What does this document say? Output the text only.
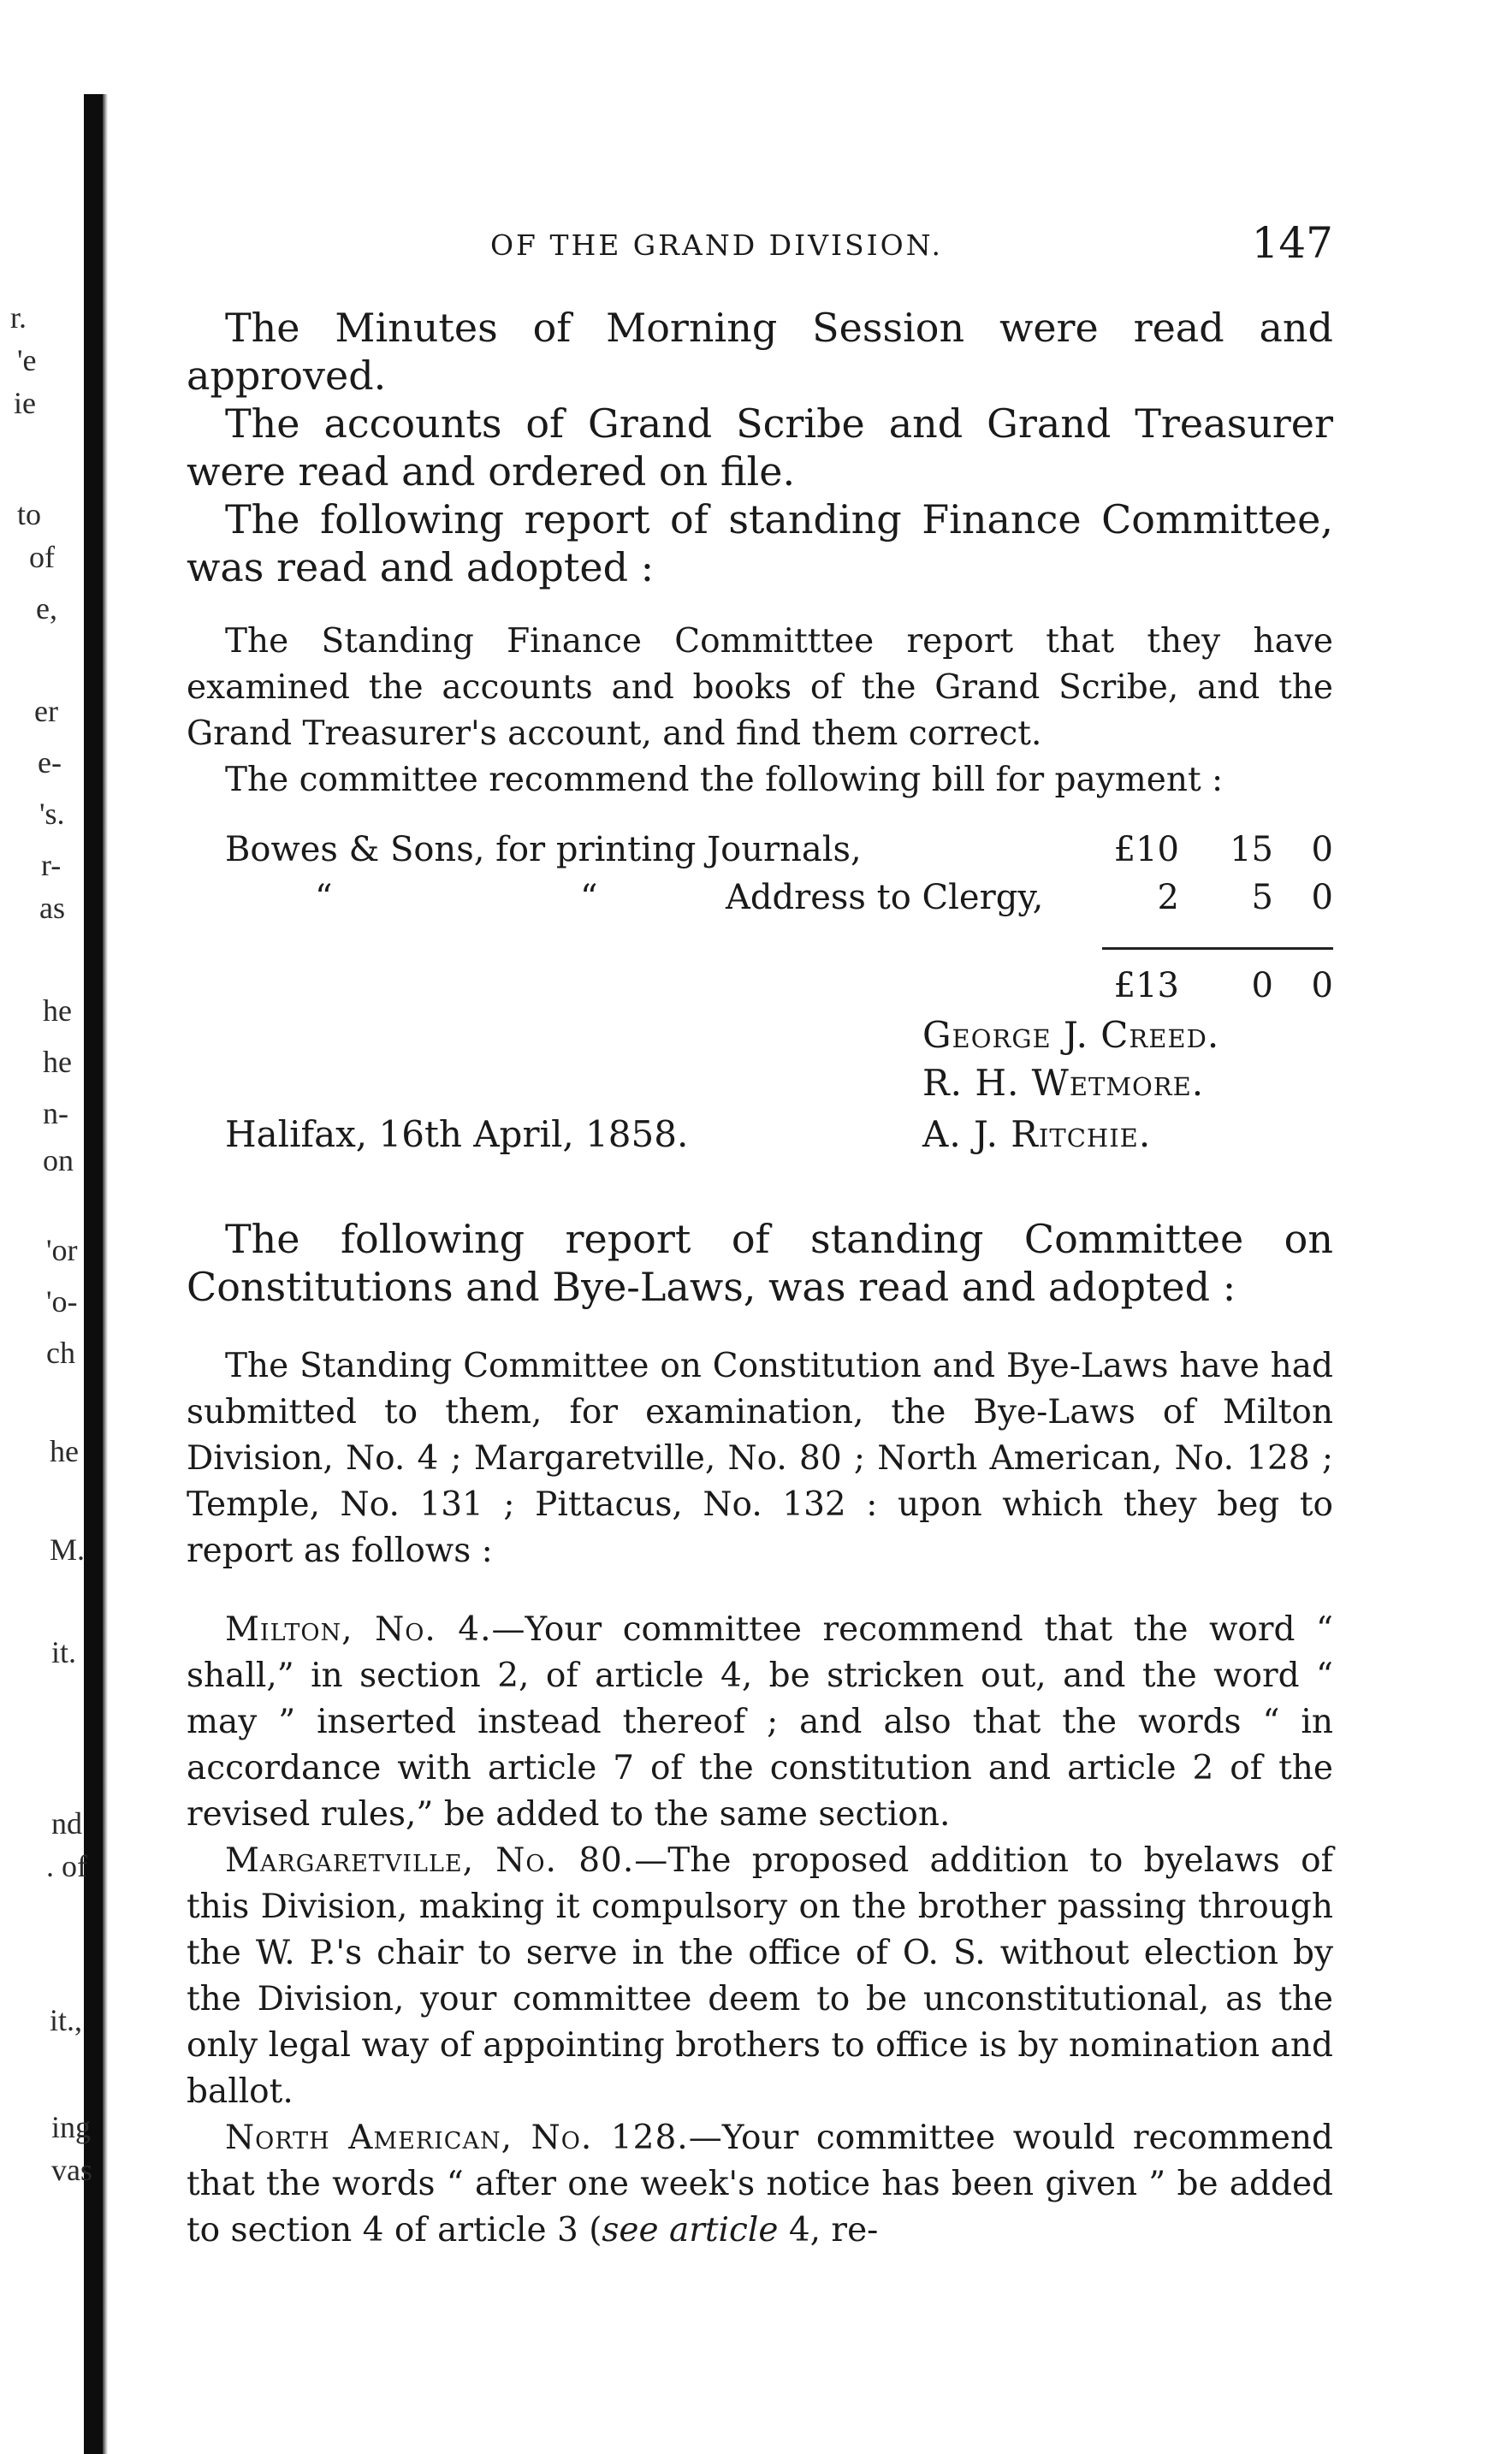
r.
'e
ie
to
of
e,
er
e-
's.
r-
as
he
he
n-
on
'or
'o-
ch
he
M.
it.
nd
. of
it.,
ing
vas
OF THE GRAND DIVISION.	147

The Minutes of Morning Session were read and approved.

The accounts of Grand Scribe and Grand Treasurer were read and ordered on file.

The following report of standing Finance Committee, was read and adopted :

The Standing Finance Committtee report that they have examined the accounts and books of the Grand Scribe, and the Grand Treasurer's account, and find them correct.

The committee recommend the following bill for payment :

Bowes & Sons, for printing Journals,	£10 15 0
“	“	Address to Clergy,	2 5 0
£13 0 0
George J. Creed.
R. H. Wetmore.
Halifax, 16th April, 1858.	A. J. Ritchie.

The following report of standing Committee on Constitutions and Bye-Laws, was read and adopted :

The Standing Committee on Constitution and Bye-Laws have had submitted to them, for examination, the Bye-Laws of Milton Division, No. 4 ; Margaretville, No. 80 ; North American, No. 128 ; Temple, No. 131 ; Pittacus, No. 132 : upon which they beg to report as follows :

Milton, No. 4.—Your committee recommend that the word “ shall,” in section 2, of article 4, be stricken out, and the word “ may ” inserted instead thereof ; and also that the words “ in accordance with article 7 of the constitution and article 2 of the revised rules,” be added to the same section.

Margaretville, No. 80.—The proposed addition to byelaws of this Division, making it compulsory on the brother passing through the W. P.'s chair to serve in the office of O. S. without election by the Division, your committee deem to be unconstitutional, as the only legal way of appointing brothers to office is by nomination and ballot.

North American, No. 128.—Your committee would recommend that the words “ after one week's notice has been given ” be added to section 4 of article 3 (see article 4, re-
